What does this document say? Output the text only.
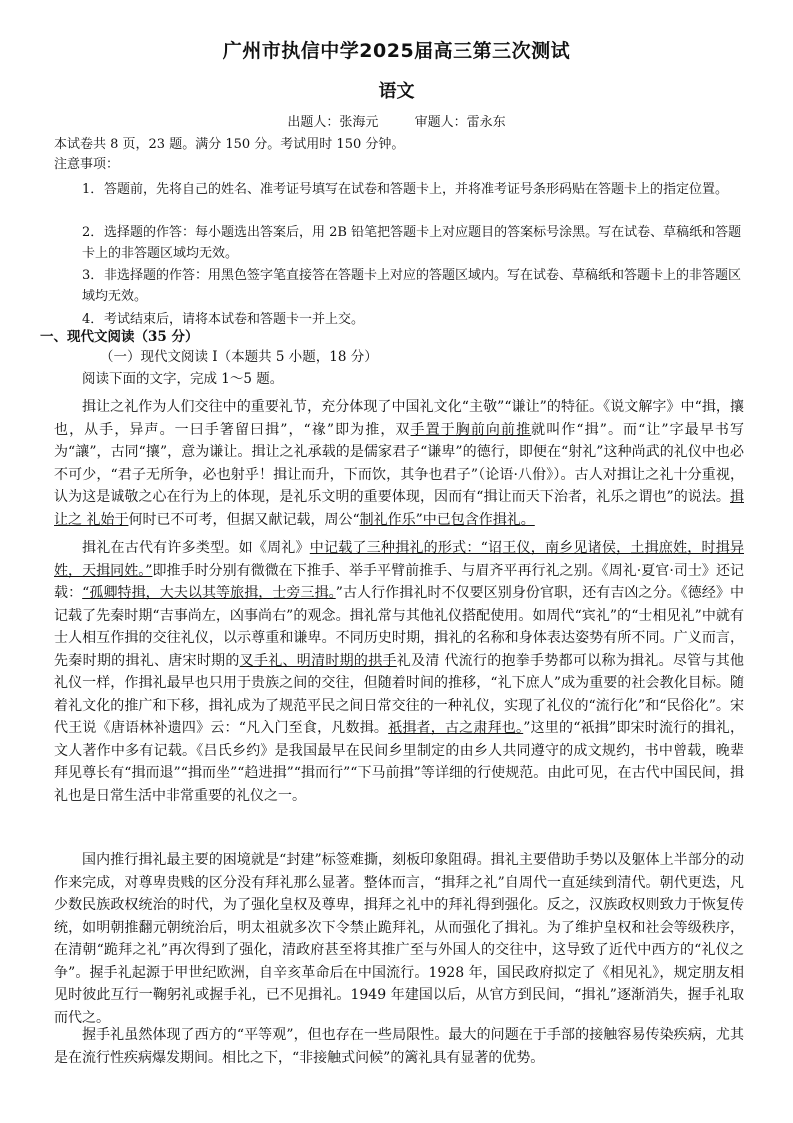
广州市执信中学2025届高三第三次测试
语文
出题人：张海元	审题人：雷永东
本试卷共 8 页，23 题。满分 150 分。考试用时 150 分钟。
注意事项：
1．答题前，先将自己的姓名、准考证号填写在试卷和答题卡上，并将准考证号条形码贴在答题卡上的指定位置。
2．选择题的作答：每小题选出答案后，用 2B 铅笔把答题卡上对应题目的答案标号涂黑。写在试卷、草稿纸和答题卡上的非答题区域均无效。
3．非选择题的作答：用黑色签字笔直接答在答题卡上对应的答题区域内。写在试卷、草稿纸和答题卡上的非答题区域均无效。
4．考试结束后，请将本试卷和答题卡一并上交。
一、现代文阅读（35 分）
（一）现代文阅读 I（本题共 5 小题，18 分）
阅读下面的文字，完成 1～5 题。

揖让之礼作为人们交往中的重要礼节，充分体现了中国礼文化“主敬”“谦让”的特征。《说文解字》中“揖，攘也，从手，异声。一曰手箸留曰揖”，“禒”即为推，双手置于胸前向前推就叫作“揖”。而“让”字最早书写为“讓”，古同“攘”，意为谦让。揖让之礼承载的是儒家君子“谦卑”的德行，即便在“射礼”这种尚武的礼仪中也必不可少，“君子无所争，必也射乎！揖让而升，下而饮，其争也君子”（论语·八佾》）。古人对揖让之礼十分重视，认为这是诚敬之心在行为上的体现，是礼乐文明的重要体现，因而有“揖让而天下治者，礼乐之谓也”的说法。揖让之 礼始于何时已不可考，但据又献记载，周公“制礼作乐”中已包含作揖礼。

揖礼在古代有许多类型。如《周礼》中记载了三种揖礼的形式：“诏王仪，南乡见诸侯，土揖庶姓，时揖异姓，天揖同姓。”即推手时分别有微微在下推手、举手平臂前推手、与眉齐平再行礼之别。《周礼·夏官·司士》还记载：“孤卿特揖，大夫以其等旅揖，士旁三揖。”古人行作揖礼时不仅要区别身份官职，还有吉凶之分。《德经》中记载了先秦时期“吉事尚左，凶事尚右”的观念。揖礼常与其他礼仪搭配使用。如周代“宾礼”的“士相见礼”中就有士人相互作揖的交往礼仪，以示尊重和谦卑。不同历史时期，揖礼的名称和身体表达姿势有所不同。广义而言，先秦时期的揖礼、唐宋时期的叉手礼、明清时期的拱手礼及清 代流行的抱拳手势都可以称为揖礼。尽管与其他礼仪一样，作揖礼最早也只用于贵族之间的交往，但随着时间的推移，“礼下庶人”成为重要的社会教化目标。随着礼文化的推广和下移，揖礼成为了规范平民之间日常交往的一种礼仪，实现了礼仪的“流行化”和“民俗化”。宋代王说《唐语林补遗四》云：“凡入门至食，凡数揖。祇揖者，古之肃拜也。”这里的“祇揖”即宋时流行的揖礼，文人著作中多有记载。《吕氏乡约》是我国最早在民间乡里制定的由乡人共同遵守的成文规约，书中曾载，晚辈拜见尊长有“揖而退”“揖而坐”“趋进揖”“揖而行”“下马前揖”等详细的行使规范。由此可见，在古代中国民间，揖礼也是日常生活中非常重要的礼仪之一。

国内推行揖礼最主要的困境就是“封建”标签难撕，刻板印象阻碍。揖礼主要借助手势以及躯体上半部分的动作来完成，对尊卑贵贱的区分没有拜礼那么显著。整体而言，“揖拜之礼”自周代一直延续到清代。朝代更迭，凡少数民族政权统治的时代，为了强化皇权及尊卑，揖拜之礼中的拜礼得到强化。反之，汉族政权则致力于恢复传统，如明朝推翻元朝统治后，明太祖就多次下令禁止跪拜礼，从而强化了揖礼。为了维护皇权和社会等级秩序，在清朝“跪拜之礼”再次得到了强化，清政府甚至将其推广至与外国人的交往中，这导致了近代中西方的“礼仪之争”。握手礼起源于甲世纪欧洲，自辛亥革命后在中国流行。1928 年，国民政府拟定了《相见礼》，规定朋友相见时彼此互行一鞠躬礼或握手礼，已不见揖礼。1949 年建国以后，从官方到民间，“揖礼”逐渐消失，握手礼取而代之。

握手礼虽然体现了西方的“平等观”，但也存在一些局限性。最大的问题在于手部的接触容易传染疾病，尤其是在流行性疾病爆发期间。相比之下，“非接触式问候”的篱礼具有显著的优势。
